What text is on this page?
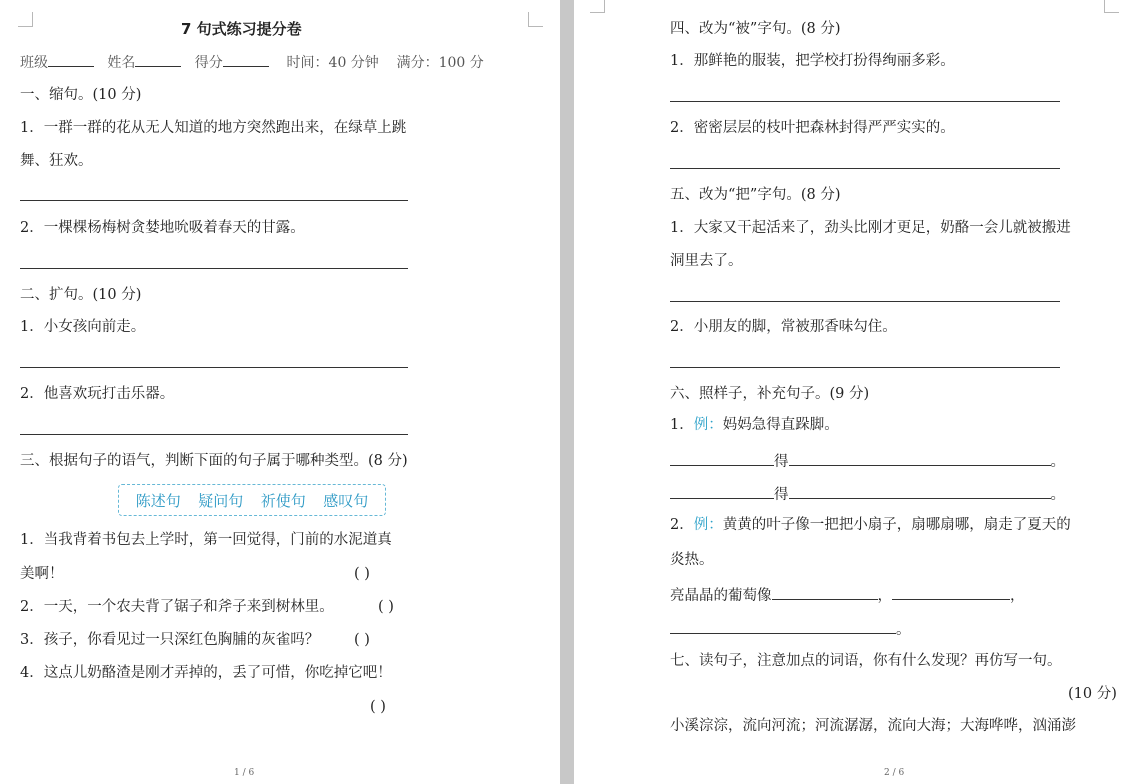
7 句式练习提分卷
班级	姓名	得分	时间：40 分钟 满分：100 分
一、缩句。(10 分)
1．一群一群的花从无人知道的地方突然跑出来，在绿草上跳
舞、狂欢。
2．一棵棵杨梅树贪婪地吮吸着春天的甘露。
二、扩句。(10 分)
1．小女孩向前走。
2．他喜欢玩打击乐器。
三、根据句子的语气，判断下面的句子属于哪种类型。(8 分)
陈述句 疑问句 祈使句 感叹句
1．当我背着书包去上学时，第一回觉得，门前的水泥道真
美啊！	( )
2．一天，一个农夫背了锯子和斧子来到树林里。	( )
3．孩子，你看见过一只深红色胸脯的灰雀吗？ ( )
4．这点儿奶酪渣是刚才弄掉的，丢了可惜，你吃掉它吧！
( )
1 / 6
四、改为“被”字句。(8 分)
1．那鲜艳的服装，把学校打扮得绚丽多彩。
2．密密层层的枝叶把森林封得严严实实的。
五、改为“把”字句。(8 分)
1．大家又干起活来了，劲头比刚才更足，奶酪一会儿就被搬进
洞里去了。
2．小朋友的脚，常被那香味勾住。
六、照样子，补充句子。(9 分)
1．例：妈妈急得直跺脚。
得	。
得	。
2．例：黄黄的叶子像一把把小扇子，扇哪扇哪，扇走了夏天的
炎热。
亮晶晶的葡萄像	，	，
。
七、读句子，注意加点的词语，你有什么发现？再仿写一句。
(10 分)
小溪淙淙，流向河流；河流潺潺，流向大海；大海哗哗，汹涌澎
2 / 6
